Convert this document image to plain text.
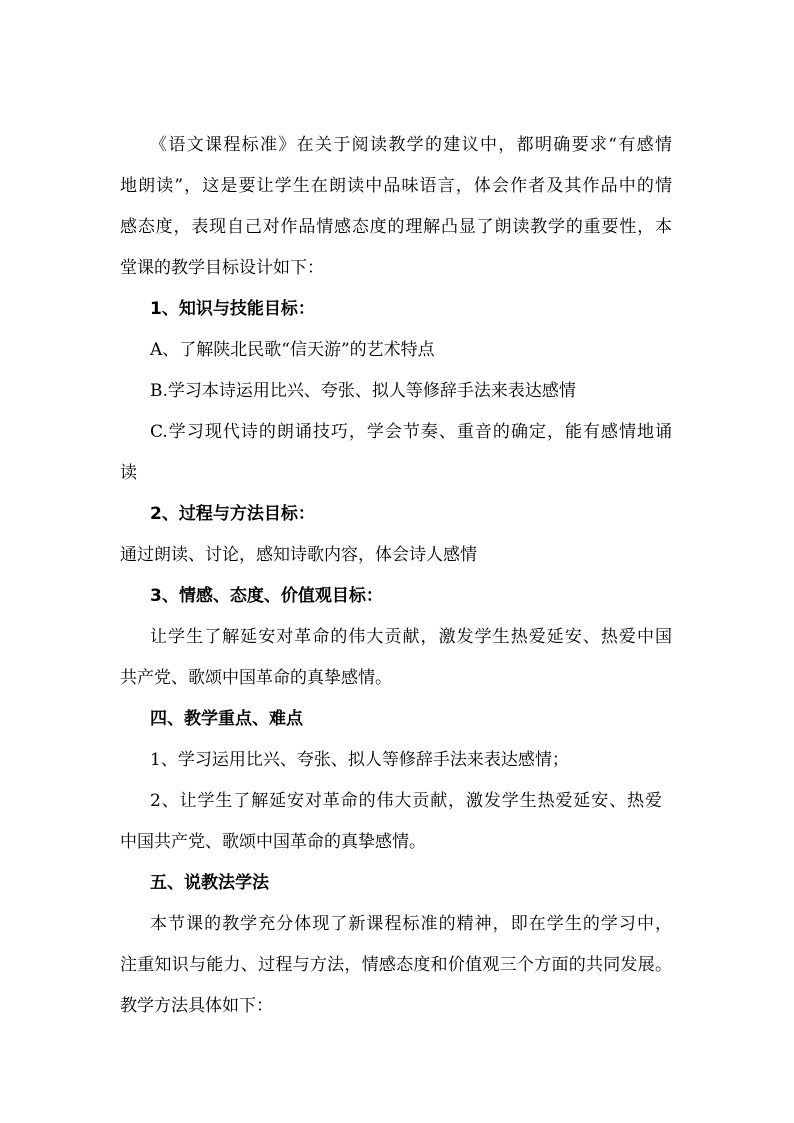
《语文课程标准》在关于阅读教学的建议中，都明确要求“有感情

地朗读”，这是要让学生在朗读中品味语言，体会作者及其作品中的情

感态度，表现自己对作品情感态度的理解凸显了朗读教学的重要性，本

堂课的教学目标设计如下：

1、知识与技能目标：

A、了解陕北民歌“信天游”的艺术特点

B.学习本诗运用比兴、夸张、拟人等修辞手法来表达感情

C.学习现代诗的朗诵技巧，学会节奏、重音的确定，能有感情地诵

读

2、过程与方法目标：

通过朗读、讨论，感知诗歌内容，体会诗人感情

3、情感、态度、价值观目标：

让学生了解延安对革命的伟大贡献，激发学生热爱延安、热爱中国

共产党、歌颂中国革命的真挚感情。

四、教学重点、难点

1、学习运用比兴、夸张、拟人等修辞手法来表达感情；

2、让学生了解延安对革命的伟大贡献，激发学生热爱延安、热爱

中国共产党、歌颂中国革命的真挚感情。

五、说教法学法

本节课的教学充分体现了新课程标准的精神，即在学生的学习中，

注重知识与能力、过程与方法，情感态度和价值观三个方面的共同发展。

教学方法具体如下：
